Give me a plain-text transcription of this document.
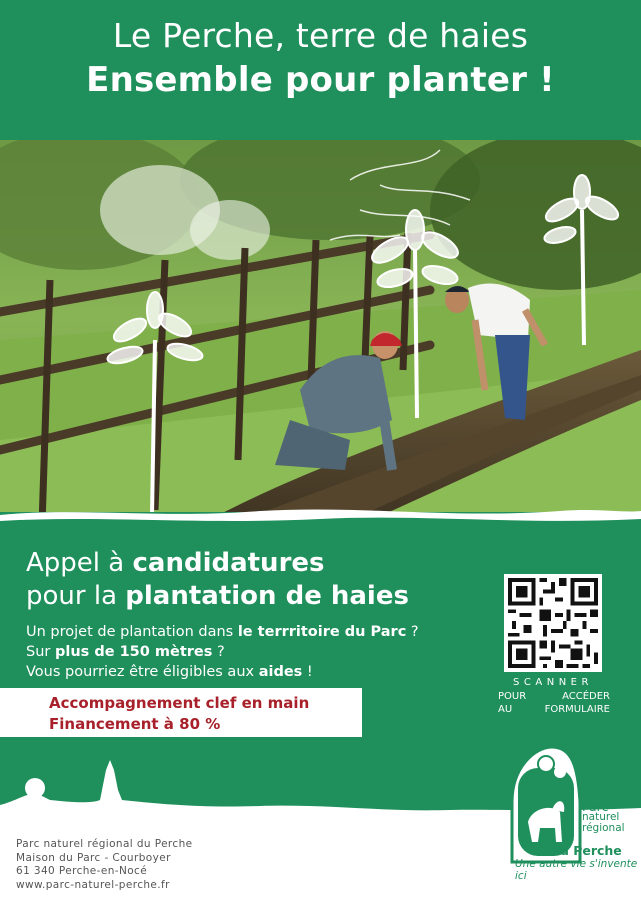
Le Perche, terre de haies
Ensemble pour planter !
Appel à candidatures
pour la plantation de haies
Un projet de plantation dans le terrritoire du Parc ?
Sur plus de 150 mètres ?
Vous pourriez être éligibles aux aides !
Accompagnement clef en main
Financement à 80 %
SCANNER
POUR	ACCÉDER
AU	FORMULAIRE
Parc naturel régional du Perche
Maison du Parc - Courboyer
61 340 Perche-en-Nocé
www.parc-naturel-perche.fr
Parc
naturel
régional
du Perche
Une autre vie s'invente ici
